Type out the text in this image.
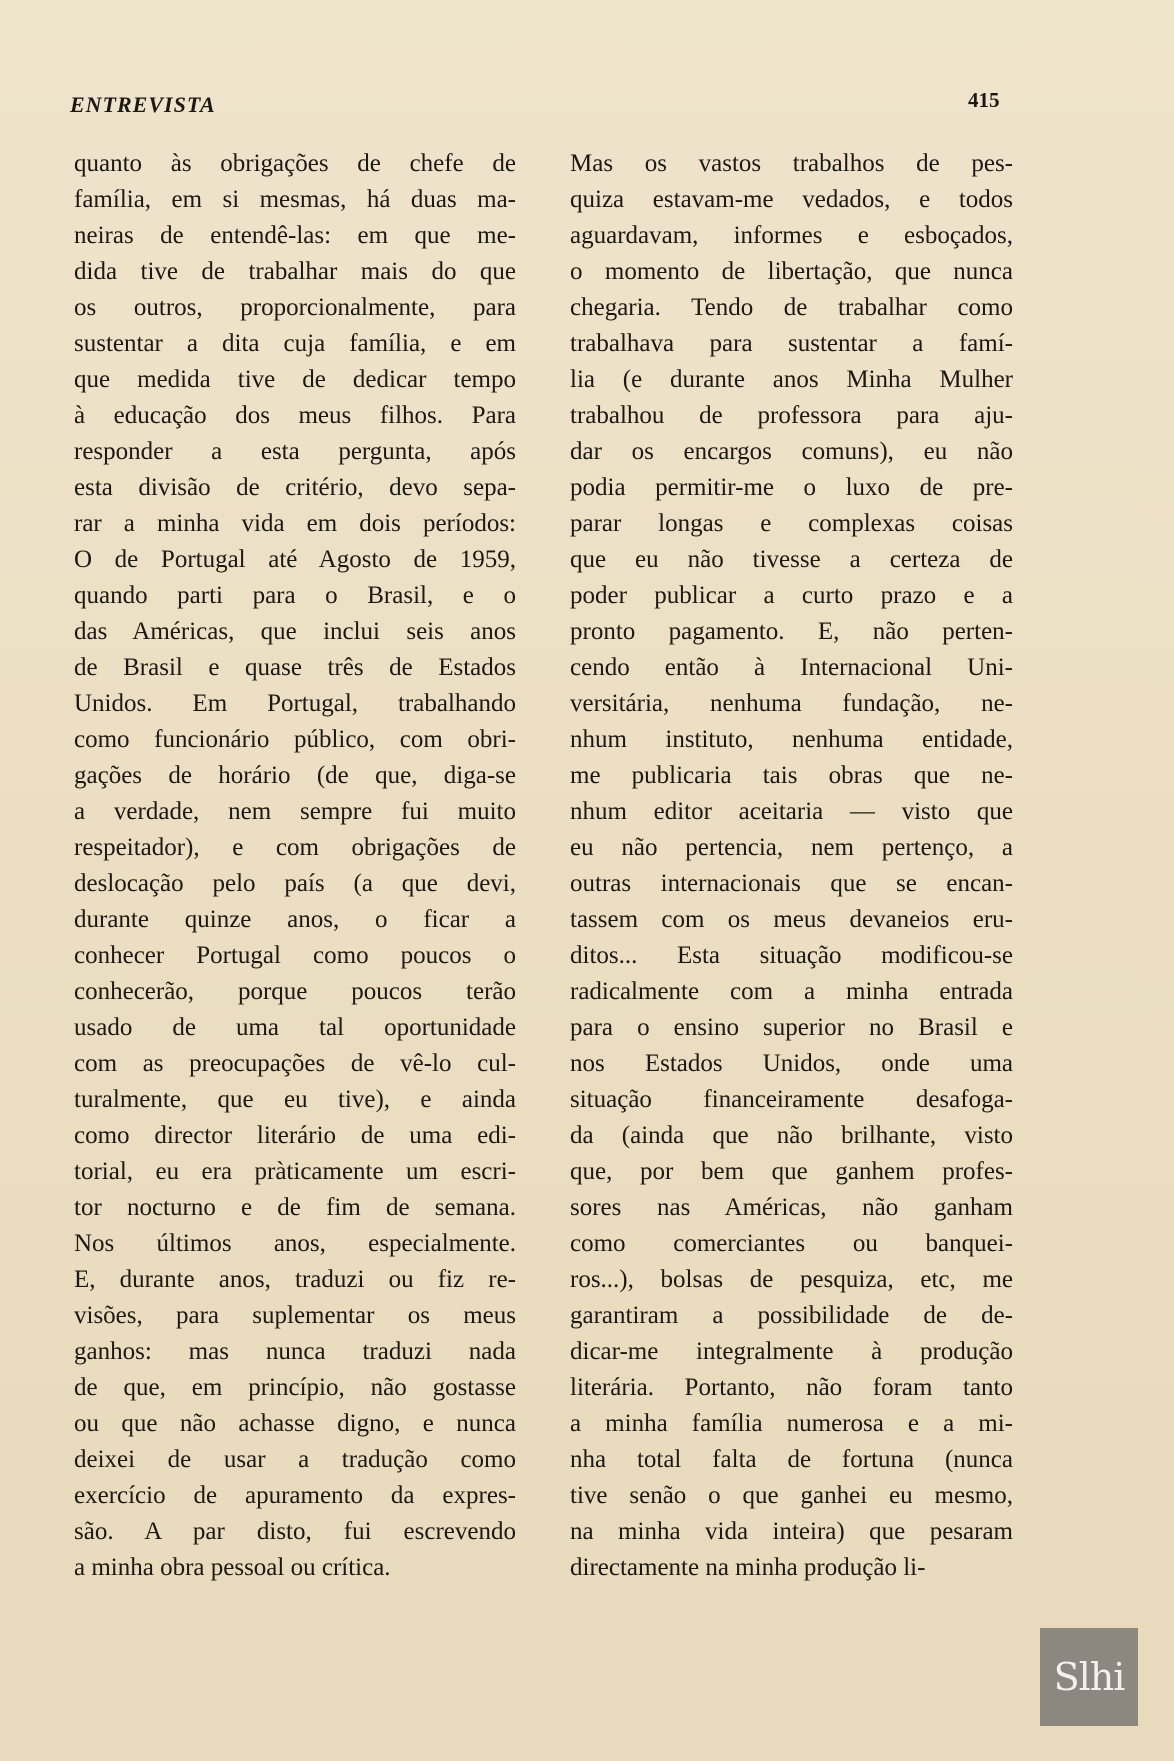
ENTREVISTA	415
quanto às obrigações de chefe de
família, em si mesmas, há duas ma-
neiras de entendê-las: em que me-
dida tive de trabalhar mais do que
os outros, proporcionalmente, para
sustentar a dita cuja família, e em
que medida tive de dedicar tempo
à educação dos meus filhos. Para
responder a esta pergunta, após
esta divisão de critério, devo sepa-
rar a minha vida em dois períodos:
O de Portugal até Agosto de 1959,
quando parti para o Brasil, e o
das Américas, que inclui seis anos
de Brasil e quase três de Estados
Unidos. Em Portugal, trabalhando
como funcionário público, com obri-
gações de horário (de que, diga-se
a verdade, nem sempre fui muito
respeitador), e com obrigações de
deslocação pelo país (a que devi,
durante quinze anos, o ficar a
conhecer Portugal como poucos o
conhecerão, porque poucos terão
usado de uma tal oportunidade
com as preocupações de vê-lo cul-
turalmente, que eu tive), e ainda
como director literário de uma edi-
torial, eu era pràticamente um escri-
tor nocturno e de fim de semana.
Nos últimos anos, especialmente.
E, durante anos, traduzi ou fiz re-
visões, para suplementar os meus
ganhos: mas nunca traduzi nada
de que, em princípio, não gostasse
ou que não achasse digno, e nunca
deixei de usar a tradução como
exercício de apuramento da expres-
são. A par disto, fui escrevendo
a minha obra pessoal ou crítica.
Mas os vastos trabalhos de pes-
quiza estavam-me vedados, e todos
aguardavam, informes e esboçados,
o momento de libertação, que nunca
chegaria. Tendo de trabalhar como
trabalhava para sustentar a famí-
lia (e durante anos Minha Mulher
trabalhou de professora para aju-
dar os encargos comuns), eu não
podia permitir-me o luxo de pre-
parar longas e complexas coisas
que eu não tivesse a certeza de
poder publicar a curto prazo e a
pronto pagamento. E, não perten-
cendo então à Internacional Uni-
versitária, nenhuma fundação, ne-
nhum instituto, nenhuma entidade,
me publicaria tais obras que ne-
nhum editor aceitaria — visto que
eu não pertencia, nem pertenço, a
outras internacionais que se encan-
tassem com os meus devaneios eru-
ditos... Esta situação modificou-se
radicalmente com a minha entrada
para o ensino superior no Brasil e
nos Estados Unidos, onde uma
situação financeiramente desafoga-
da (ainda que não brilhante, visto
que, por bem que ganhem profes-
sores nas Américas, não ganham
como comerciantes ou banquei-
ros...), bolsas de pesquiza, etc, me
garantiram a possibilidade de de-
dicar-me integralmente à produção
literária. Portanto, não foram tanto
a minha família numerosa e a mi-
nha total falta de fortuna (nunca
tive senão o que ganhei eu mesmo,
na minha vida inteira) que pesaram
directamente na minha produção li-
Slhi
